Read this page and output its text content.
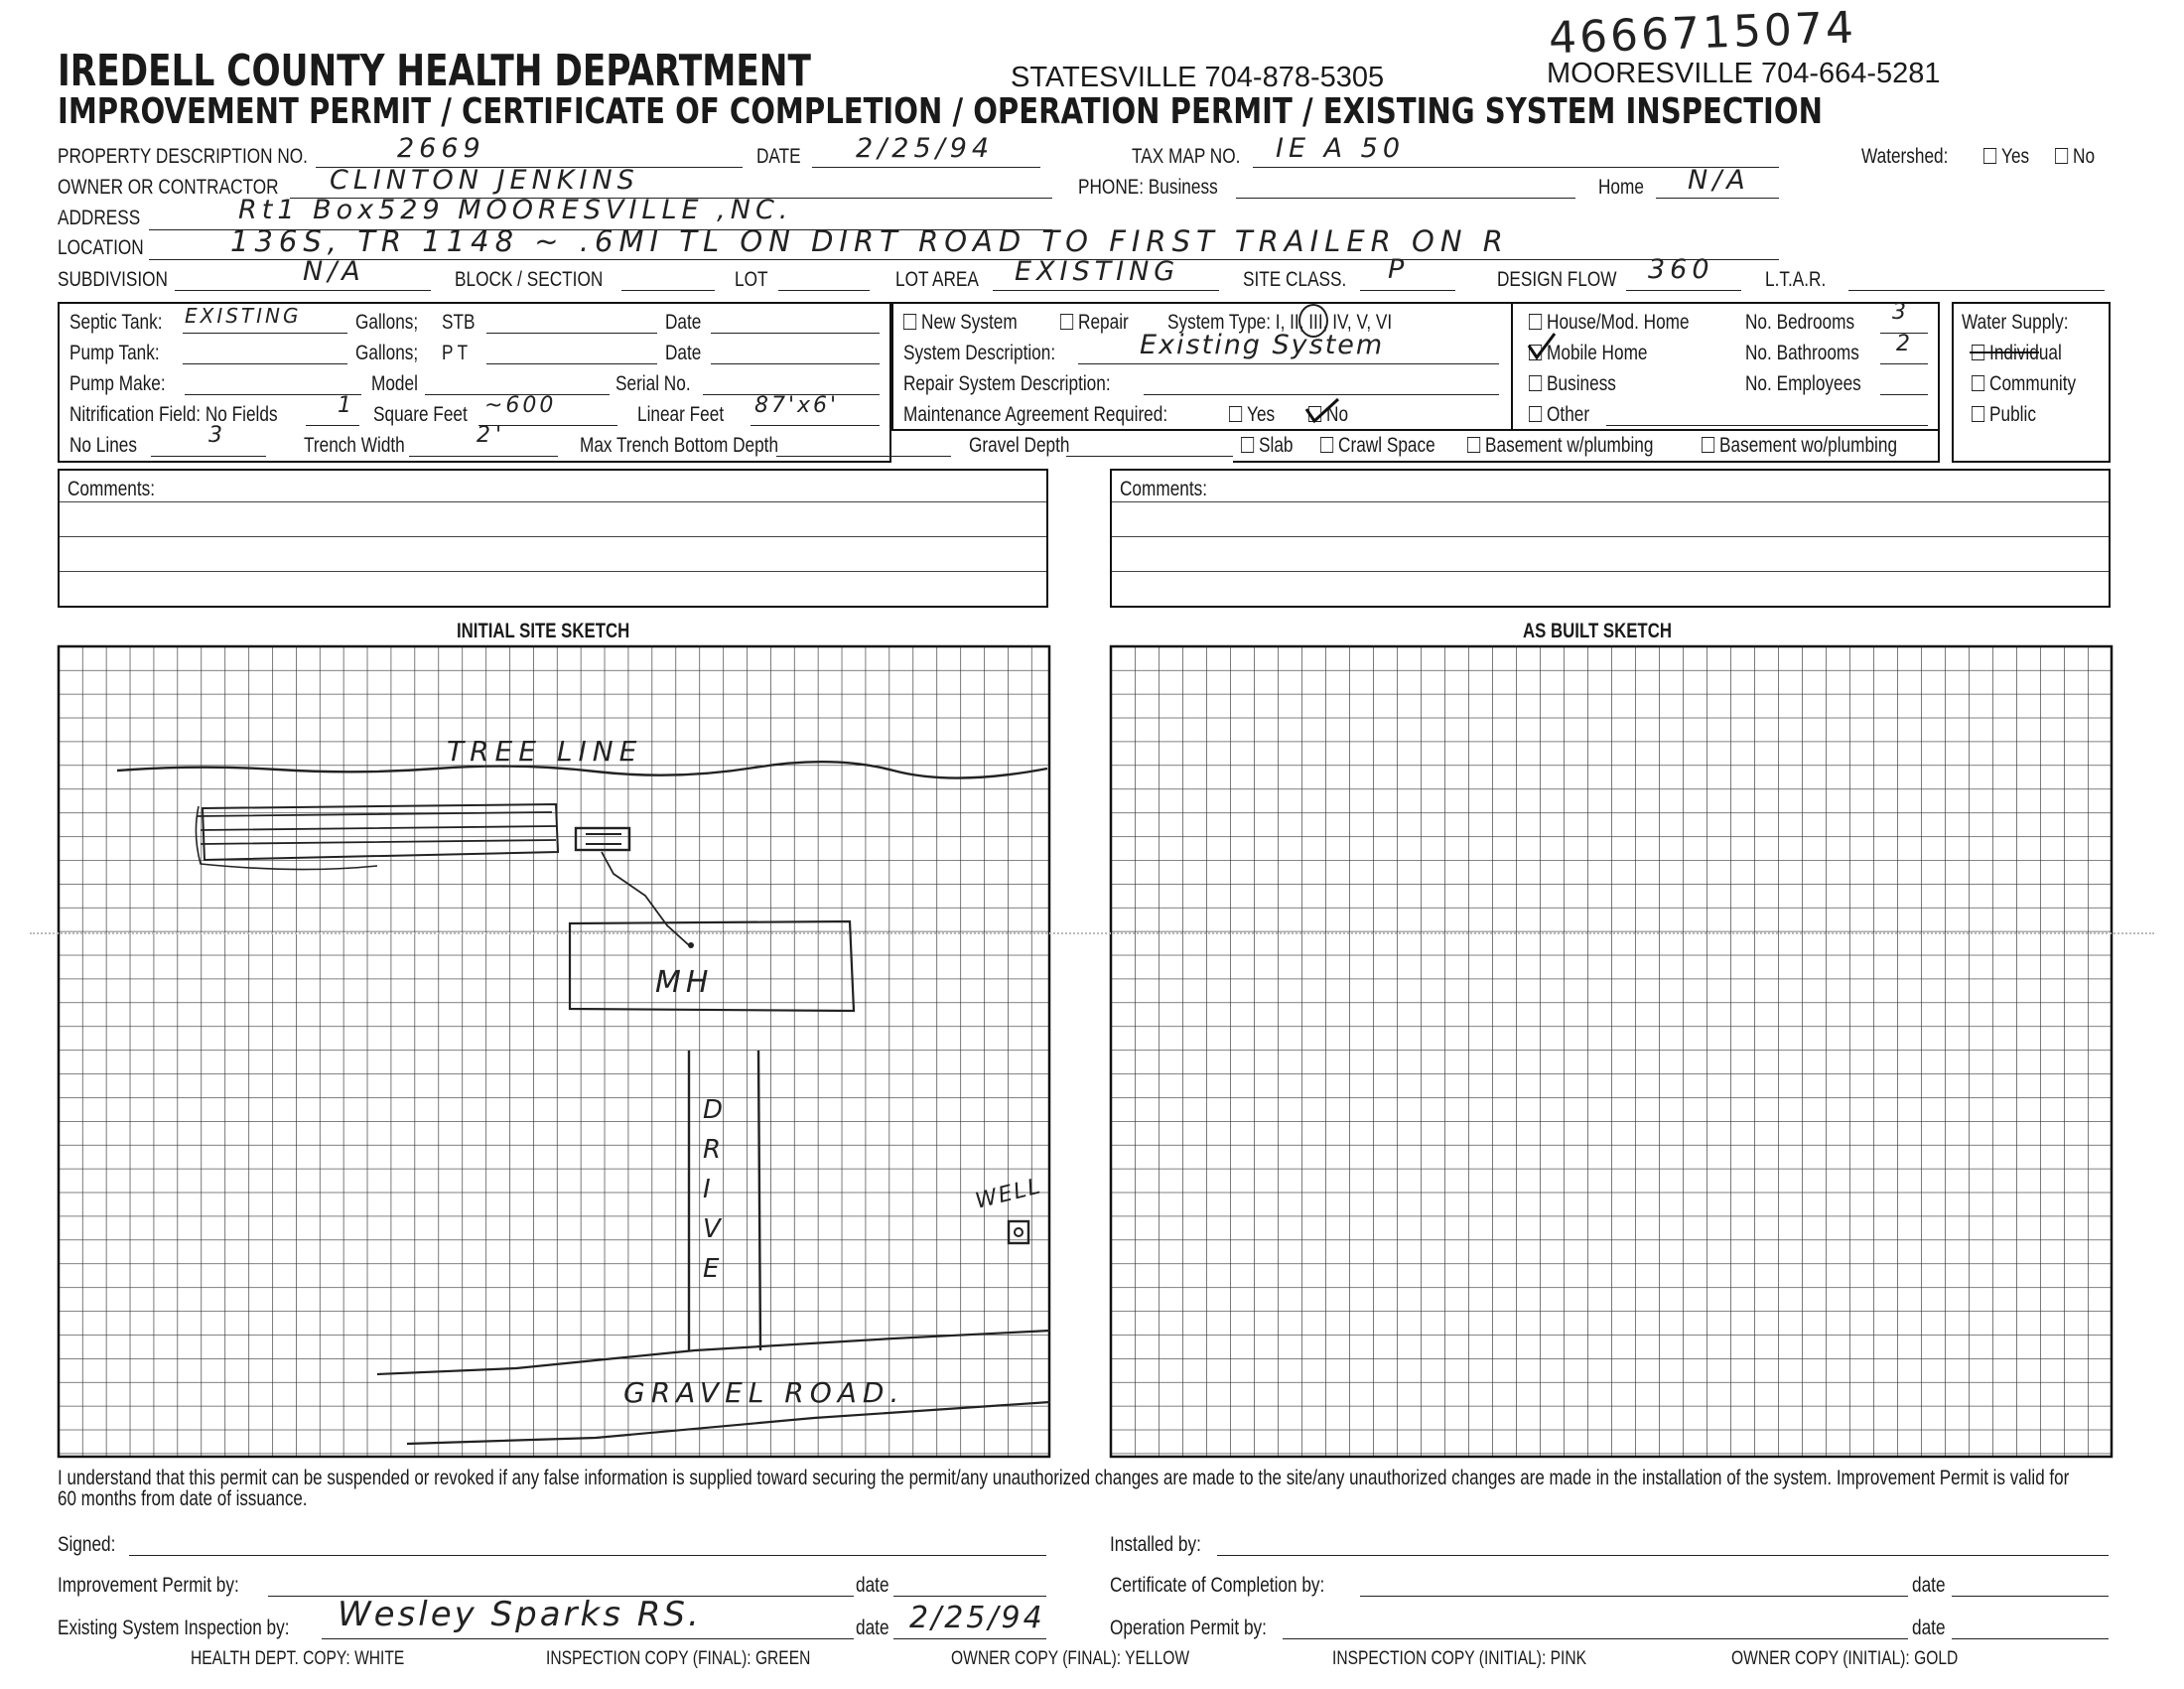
IREDELL COUNTY HEALTH DEPARTMENT	STATESVILLE 704-878-5305	MOORESVILLE 704-664-5281
4666715074
IMPROVEMENT PERMIT / CERTIFICATE OF COMPLETION / OPERATION PERMIT / EXISTING SYSTEM INSPECTION
PROPERTY DESCRIPTION NO.	2669	DATE 2/25/94	TAX MAP NO. IE A 50	Watershed:	Yes	No
OWNER OR CONTRACTOR CLINTON JENKINS	PHONE: Business	Home N/A
ADDRESS	Rt1 Box529 MOORESVILLE ,NC.
LOCATION	136S, TR 1148 ~ .6MI TL ON DIRT ROAD TO FIRST TRAILER ON R
SUBDIVISION	N/A	BLOCK / SECTION	LOT	LOT AREA EXISTING	SITE CLASS. P	DESIGN FLOW 360 L.T.A.R.
Septic Tank: EXISTING	Gallons; STB	Date
Pump Tank:	Gallons; P T	Date
Pump Make:	Model	Serial No.
Nitrification Field: No Fields	1 Square Feet ~600	Linear Feet 87'x6'
No Lines	3	Trench Width	2'	Max Trench Bottom Depth	Gravel Depth
New System	Repair System Type: I, II, III, IV, V, VI
System Description:	Existing System
Repair System Description:
Maintenance Agreement Required:	Yes	No
Slab	Crawl Space	Basement w/plumbing	Basement wo/plumbing
House/Mod. Home
Mobile Home
Business
Other
No. Bedrooms 3
No. Bathrooms 2
No. Employees
Water Supply:
Individual
Community
Public
Comments:	Comments:
INITIAL SITE SKETCH	AS BUILT SKETCH
TREE LINE
MH
DRIVE
WELL
GRAVEL ROAD.
I understand that this permit can be suspended or revoked if any false information is supplied toward securing the permit/any unauthorized changes are made to the site/any unauthorized changes are made in the installation of the system. Improvement Permit is valid for 60 months from date of issuance.
Signed:	Installed by:
Improvement Permit by:	date	Certificate of Completion by:	date
Existing System Inspection by: Wesley Sparks RS.	date 2/25/94	Operation Permit by:	date
HEALTH DEPT. COPY: WHITE	INSPECTION COPY (FINAL): GREEN	OWNER COPY (FINAL): YELLOW	INSPECTION COPY (INITIAL): PINK	OWNER COPY (INITIAL): GOLD
